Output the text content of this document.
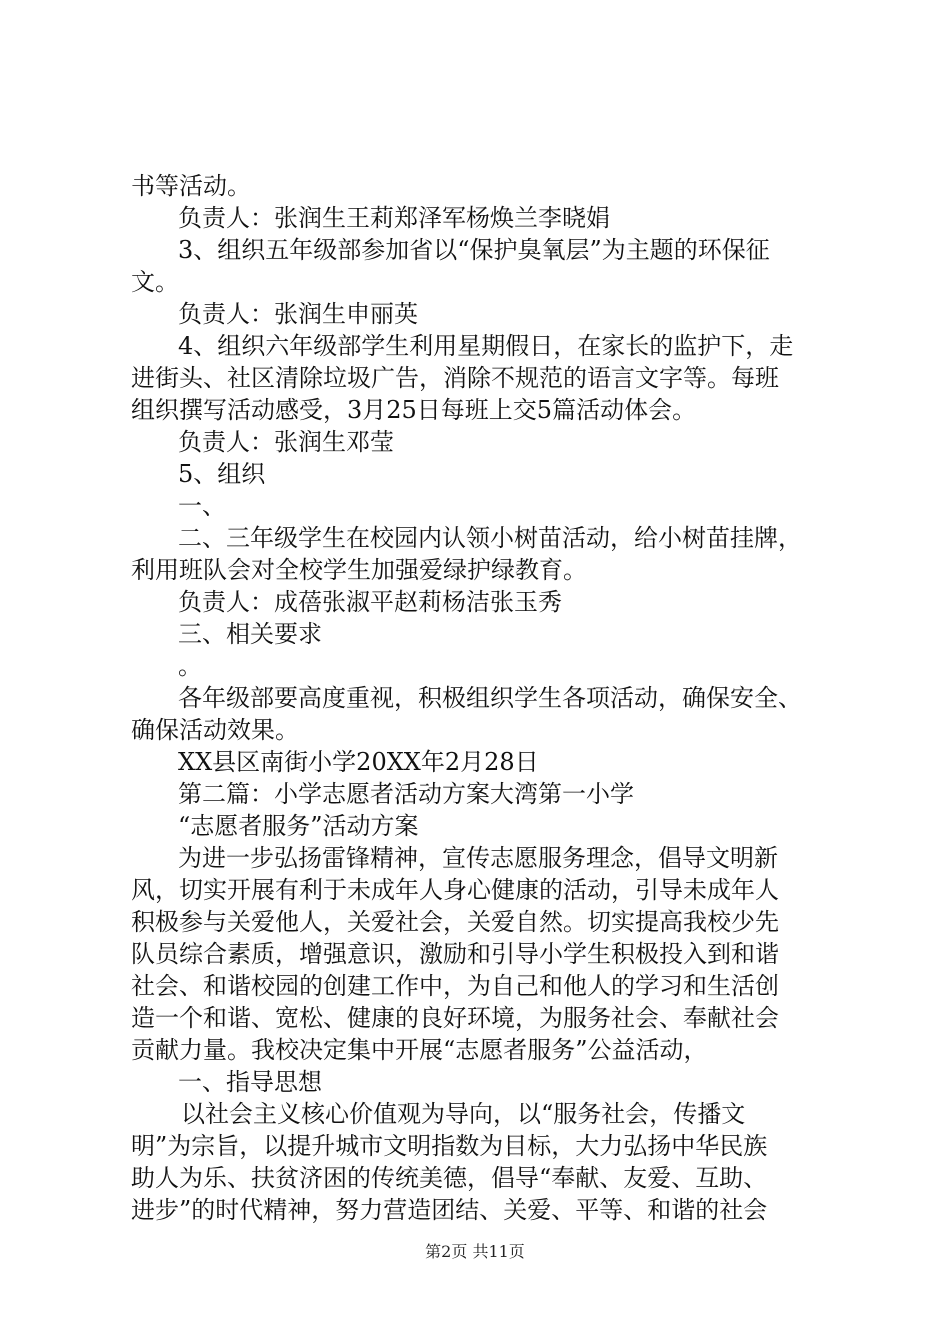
书等活动。
负责人：张润生王莉郑泽军杨焕兰李晓娟
3、组织五年级部参加省以“保护臭氧层”为主题的环保征
文。
负责人：张润生申丽英
4、组织六年级部学生利用星期假日，在家长的监护下，走
进街头、社区清除垃圾广告，消除不规范的语言文字等。每班
组织撰写活动感受，3月25日每班上交5篇活动体会。
负责人：张润生邓莹
5、组织
一、
二、三年级学生在校园内认领小树苗活动，给小树苗挂牌，
利用班队会对全校学生加强爱绿护绿教育。
负责人：成蓓张淑平赵莉杨洁张玉秀
三、相关要求
。
各年级部要高度重视，积极组织学生各项活动，确保安全、
确保活动效果。
XX县区南街小学20XX年2月28日
第二篇：小学志愿者活动方案大湾第一小学
“志愿者服务”活动方案
为进一步弘扬雷锋精神，宣传志愿服务理念，倡导文明新
风，切实开展有利于未成年人身心健康的活动，引导未成年人
积极参与关爱他人，关爱社会，关爱自然。切实提高我校少先
队员综合素质，增强意识，激励和引导小学生积极投入到和谐
社会、和谐校园的创建工作中，为自己和他人的学习和生活创
造一个和谐、宽松、健康的良好环境，为服务社会、奉献社会
贡献力量。我校决定集中开展“志愿者服务”公益活动，
一、指导思想
以社会主义核心价值观为导向，以“服务社会，传播文
明”为宗旨，以提升城市文明指数为目标，大力弘扬中华民族
助人为乐、扶贫济困的传统美德，倡导“奉献、友爱、互助、
进步”的时代精神，努力营造团结、关爱、平等、和谐的社会
第2页 共11页
